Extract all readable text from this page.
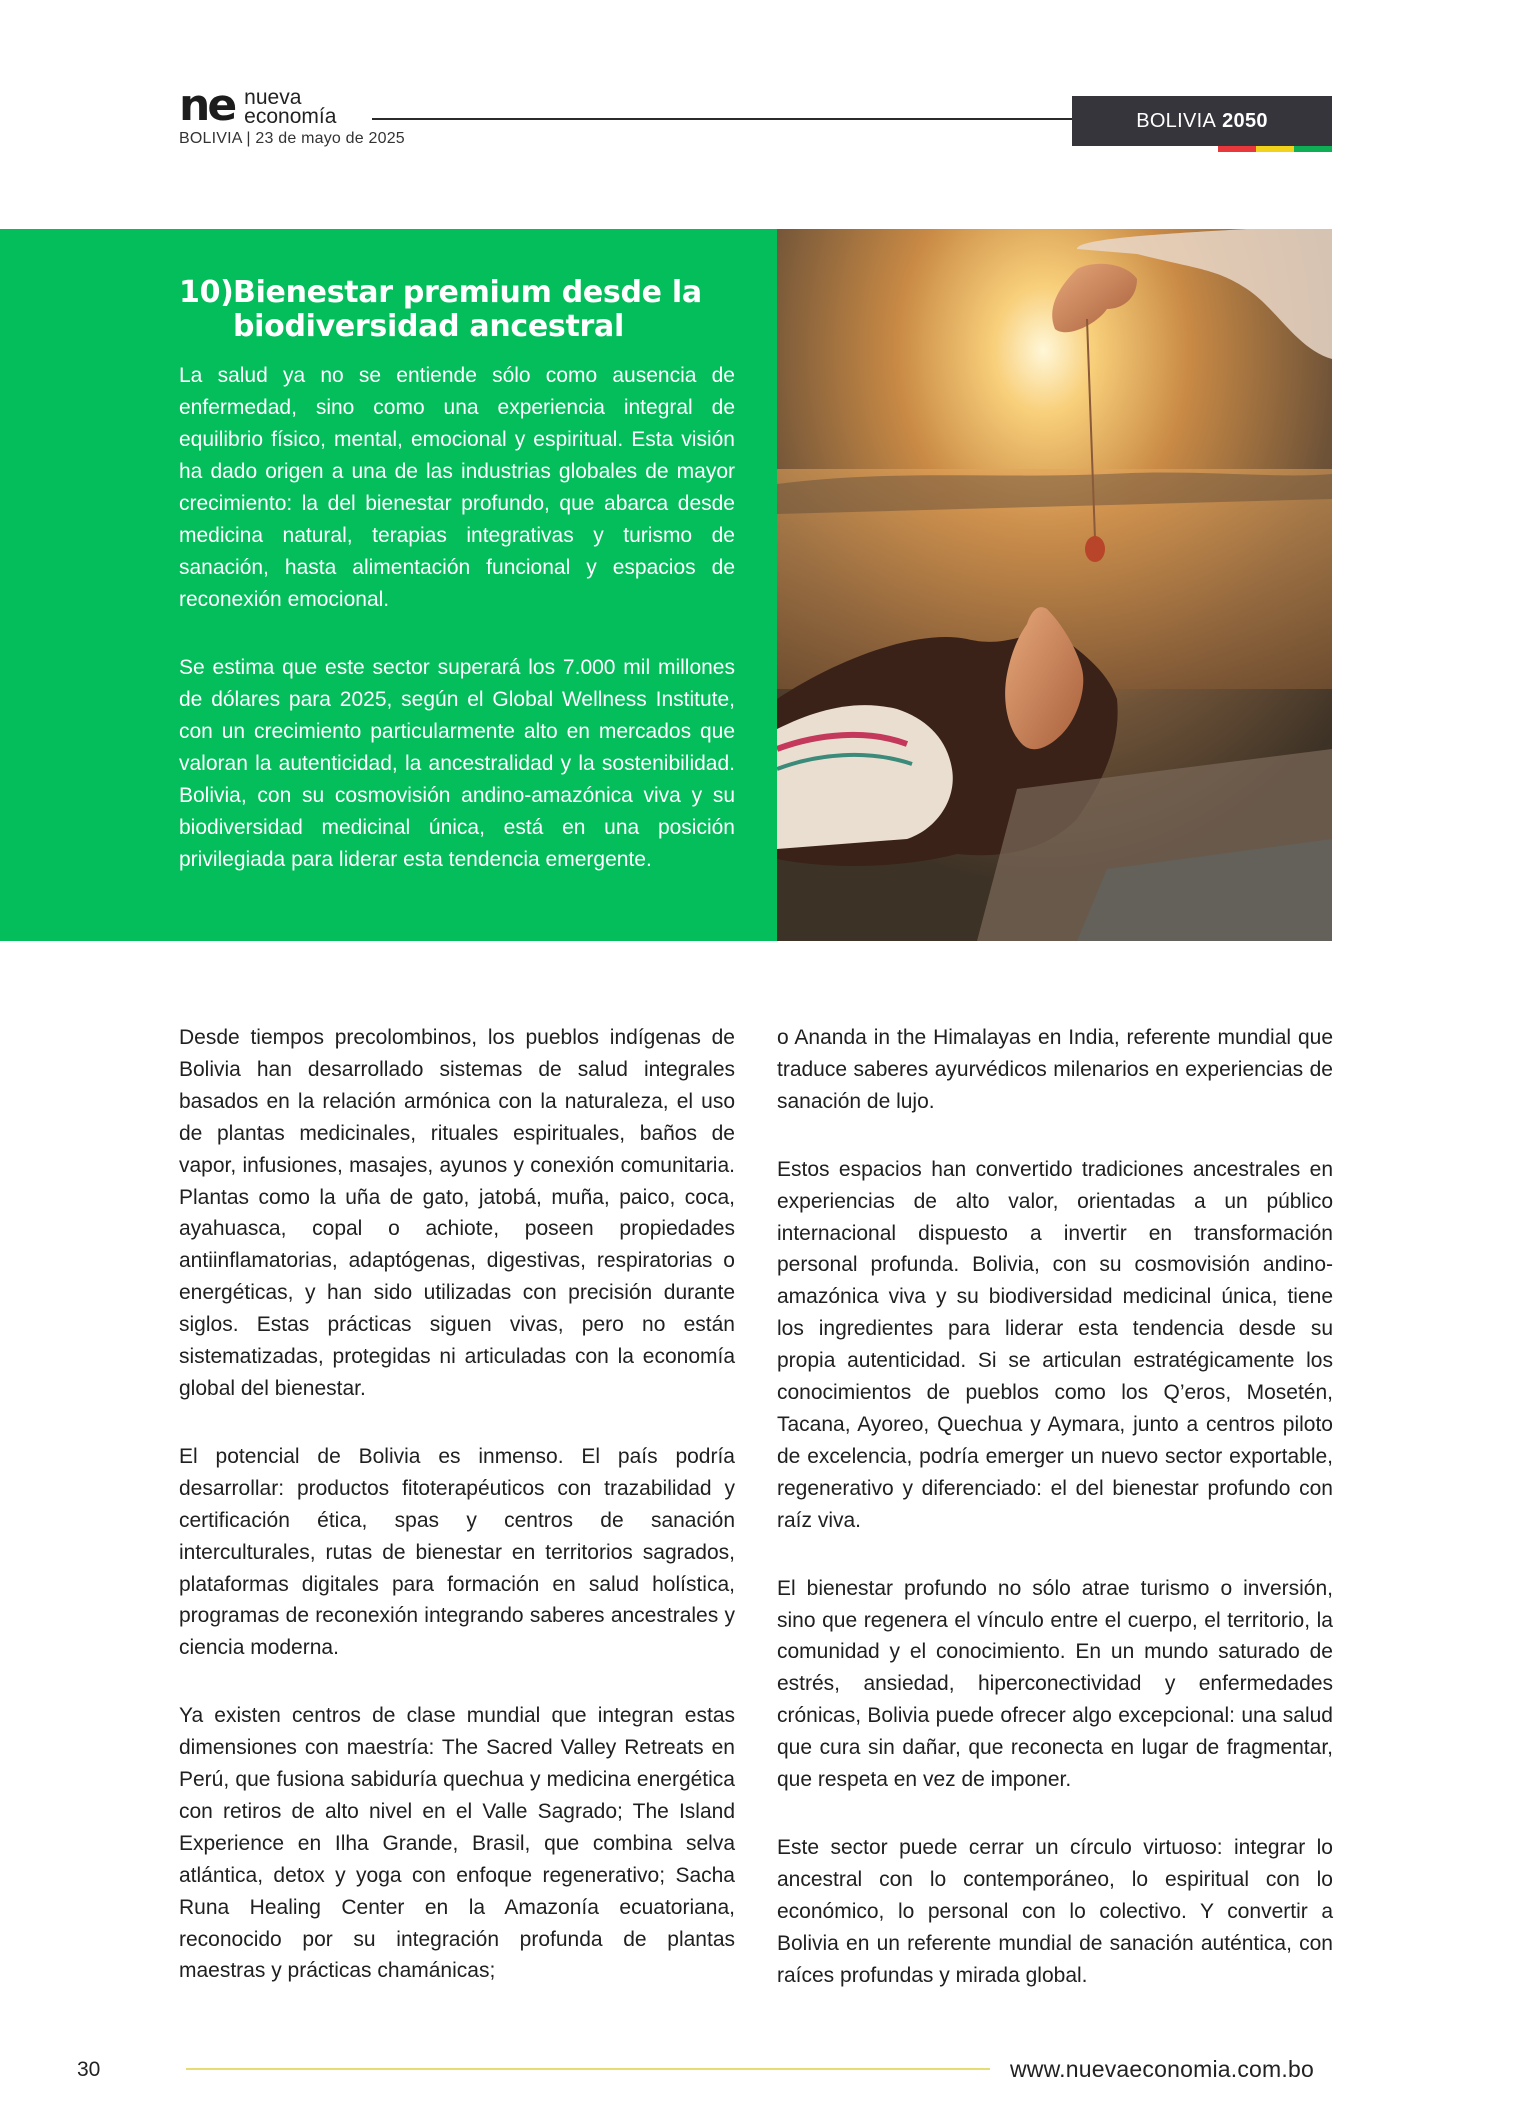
ne nueva
economía
BOLIVIA | 23 de mayo de 2025
BOLIVIA 2050
10) Bienestar premium desde la biodiversidad ancestral

La salud ya no se entiende sólo como ausencia de enfermedad, sino como una experiencia integral de equilibrio físico, mental, emocional y espiritual. Esta visión ha dado origen a una de las industrias globales de mayor crecimiento: la del bienestar profundo, que abarca desde medicina natural, terapias integrativas y turismo de sanación, hasta alimentación funcional y espacios de reconexión emocional.

Se estima que este sector superará los 7.000 mil millones de dólares para 2025, según el Global Wellness Institute, con un crecimiento particularmente alto en mercados que valoran la autenticidad, la ancestralidad y la sostenibilidad. Bolivia, con su cosmovisión andino-amazónica viva y su biodiversidad medicinal única, está en una posición privilegiada para liderar esta tendencia emergente.

Desde tiempos precolombinos, los pueblos indígenas de Bolivia han desarrollado sistemas de salud integrales basados en la relación armónica con la naturaleza, el uso de plantas medicinales, rituales espirituales, baños de vapor, infusiones, masajes, ayunos y conexión comunitaria. Plantas como la uña de gato, jatobá, muña, paico, coca, ayahuasca, copal o achiote, poseen propiedades antiinflamatorias, adaptógenas, digestivas, respiratorias o energéticas, y han sido utilizadas con precisión durante siglos. Estas prácticas siguen vivas, pero no están sistematizadas, protegidas ni articuladas con la economía global del bienestar.

El potencial de Bolivia es inmenso. El país podría desarrollar: productos fitoterapéuticos con trazabilidad y certificación ética, spas y centros de sanación interculturales, rutas de bienestar en territorios sagrados, plataformas digitales para formación en salud holística, programas de reconexión integrando saberes ancestrales y ciencia moderna.

Ya existen centros de clase mundial que integran estas dimensiones con maestría: The Sacred Valley Retreats en Perú, que fusiona sabiduría quechua y medicina energética con retiros de alto nivel en el Valle Sagrado; The Island Experience en Ilha Grande, Brasil, que combina selva atlántica, detox y yoga con enfoque regenerativo; Sacha Runa Healing Center en la Amazonía ecuatoriana, reconocido por su integración profunda de plantas maestras y prácticas chamánicas;

o Ananda in the Himalayas en India, referente mundial que traduce saberes ayurvédicos milenarios en experiencias de sanación de lujo.

Estos espacios han convertido tradiciones ancestrales en experiencias de alto valor, orientadas a un público internacional dispuesto a invertir en transformación personal profunda. Bolivia, con su cosmovisión andino-amazónica viva y su biodiversidad medicinal única, tiene los ingredientes para liderar esta tendencia desde su propia autenticidad. Si se articulan estratégicamente los conocimientos de pueblos como los Q’eros, Mosetén, Tacana, Ayoreo, Quechua y Aymara, junto a centros piloto de excelencia, podría emerger un nuevo sector exportable, regenerativo y diferenciado: el del bienestar profundo con raíz viva.

El bienestar profundo no sólo atrae turismo o inversión, sino que regenera el vínculo entre el cuerpo, el territorio, la comunidad y el conocimiento. En un mundo saturado de estrés, ansiedad, hiperconectividad y enfermedades crónicas, Bolivia puede ofrecer algo excepcional: una salud que cura sin dañar, que reconecta en lugar de fragmentar, que respeta en vez de imponer.

Este sector puede cerrar un círculo virtuoso: integrar lo ancestral con lo contemporáneo, lo espiritual con lo económico, lo personal con lo colectivo. Y convertir a Bolivia en un referente mundial de sanación auténtica, con raíces profundas y mirada global.

30	www.nuevaeconomia.com.bo
